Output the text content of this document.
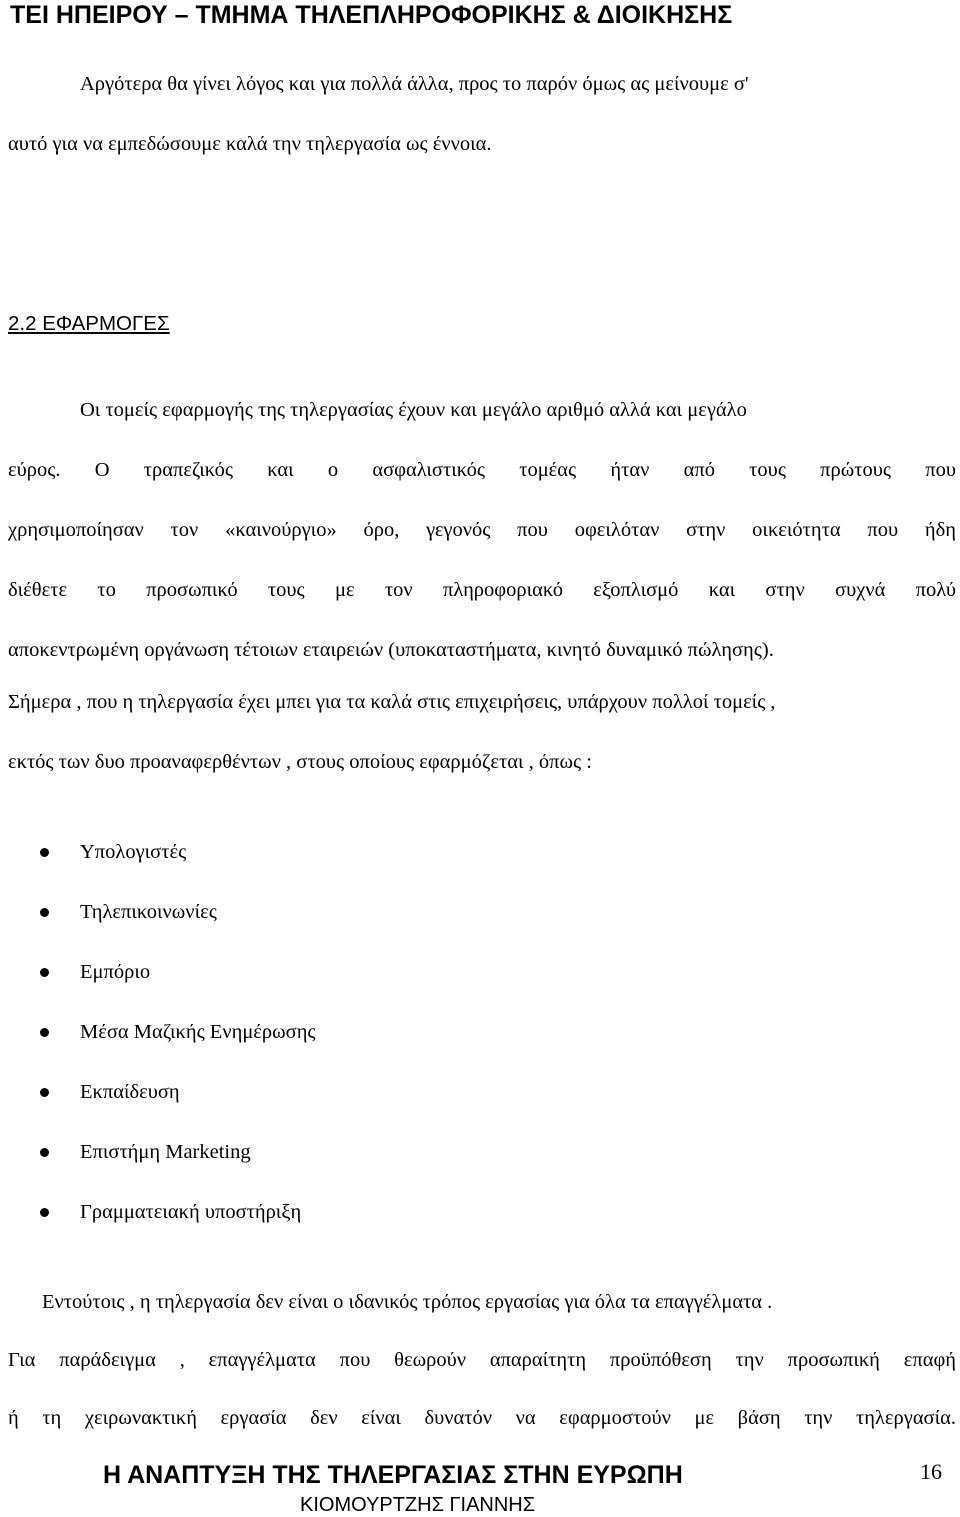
ΤΕΙ ΗΠΕΙΡΟΥ – ΤΜΗΜΑ ΤΗΛΕΠΛΗΡΟΦΟΡΙΚΗΣ & ΔΙΟΙΚΗΣΗΣ
Αργότερα θα γίνει λόγος και για πολλά άλλα, προς το παρόν όμως ας μείνουμε σ'
αυτό για να εμπεδώσουμε καλά την τηλεργασία ως έννοια.
2.2 ΕΦΑΡΜΟΓΕΣ
Οι τομείς εφαρμογής της τηλεργασίας έχουν και μεγάλο αριθμό αλλά και μεγάλο
εύρος. Ο τραπεζικός και ο ασφαλιστικός τομέας ήταν από τους πρώτους που
χρησιμοποίησαν τον «καινούργιο» όρο, γεγονός που οφειλόταν στην οικειότητα που ήδη
διέθετε το προσωπικό τους με τον πληροφοριακό εξοπλισμό και στην συχνά πολύ
αποκεντρωμένη οργάνωση τέτοιων εταιρειών (υποκαταστήματα, κινητό δυναμικό πώλησης).
Σήμερα , που η τηλεργασία έχει μπει για τα καλά στις επιχειρήσεις, υπάρχουν πολλοί τομείς ,
εκτός των δυο προαναφερθέντων , στους οποίους εφαρμόζεται , όπως :
Υπολογιστές
Τηλεπικοινωνίες
Εμπόριο
Μέσα Μαζικής Ενημέρωσης
Εκπαίδευση
Επιστήμη Marketing
Γραμματειακή υποστήριξη
Εντούτοις , η τηλεργασία δεν είναι ο ιδανικός τρόπος εργασίας για όλα τα επαγγέλματα .
Για παράδειγμα , επαγγέλματα που θεωρούν απαραίτητη προϋπόθεση την προσωπική επαφή
ή τη χειρωνακτική εργασία δεν είναι δυνατόν να εφαρμοστούν με βάση την τηλεργασία.
Η ΑΝΑΠΤΥΞΗ ΤΗΣ ΤΗΛΕΡΓΑΣΙΑΣ ΣΤΗΝ ΕΥΡΩΠΗ
ΚΙΟΜΟΥΡΤΖΗΣ ΓΙΑΝΝΗΣ
16
